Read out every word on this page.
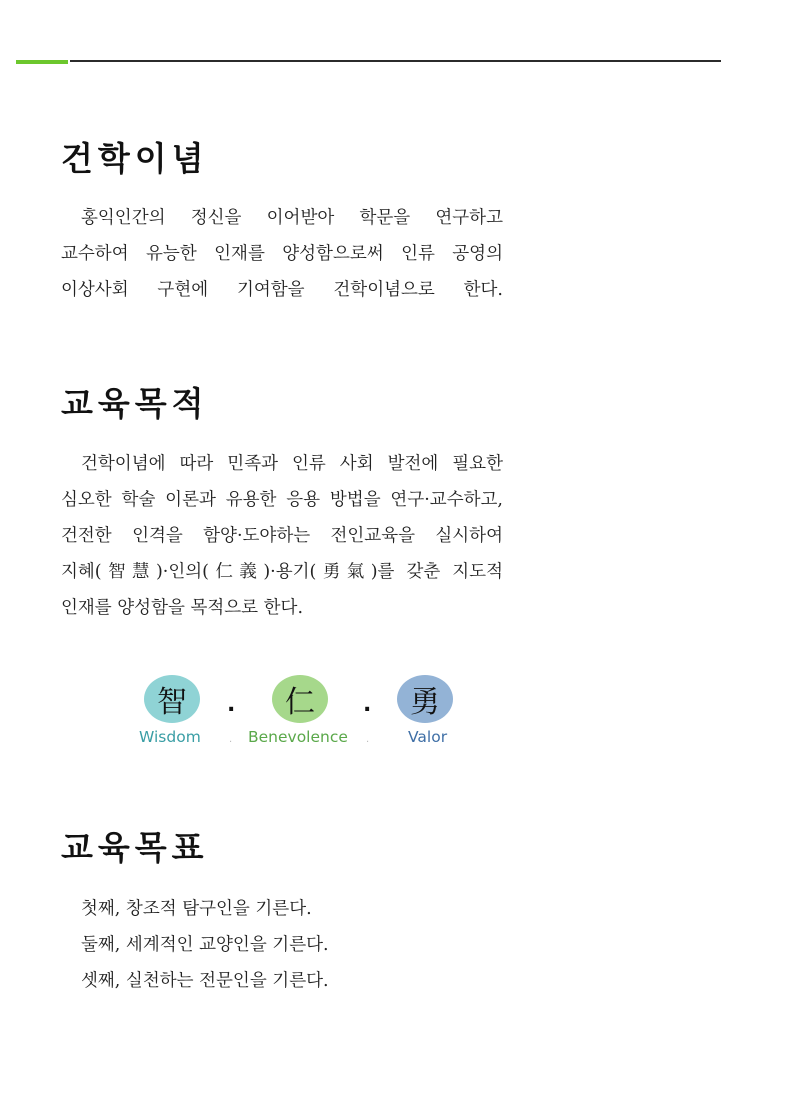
건학이념

홍익인간의 정신을 이어받아 학문을 연구하고
교수하여 유능한 인재를 양성함으로써 인류 공영의
이상사회 구현에 기여함을 건학이념으로 한다.

교육목적

건학이념에 따라 민족과 인류 사회 발전에 필요한
심오한 학술 이론과 유용한 응용 방법을 연구·교수하고,
건전한 인격을 함양·도야하는 전인교육을 실시하여
지혜(智慧)·인의(仁義)·용기(勇氣)를 갖춘 지도적
인재를 양성함을 목적으로 한다.

智	.	仁	.	勇
Wisdom	. Benevolence .	Valor
교육목표
첫째, 창조적 탐구인을 기른다.
둘째, 세계적인 교양인을 기른다.
셋째, 실천하는 전문인을 기른다.
